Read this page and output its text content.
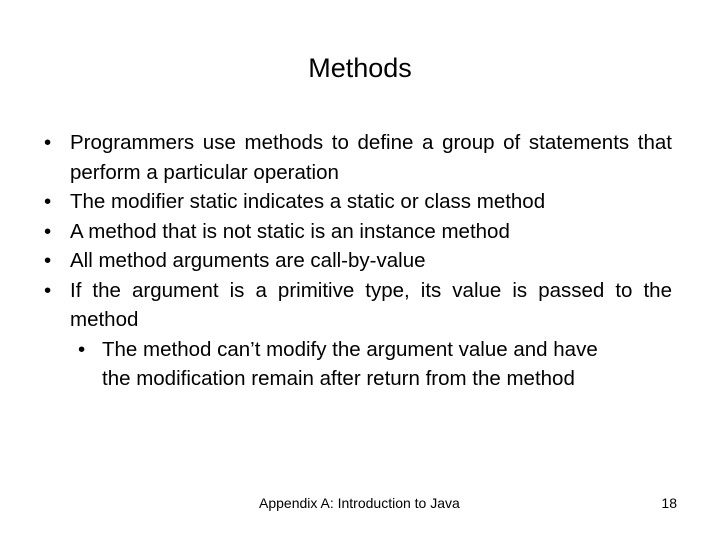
Methods
• Programmers use methods to define a group of statements that perform a particular operation
• The modifier static indicates a static or class method
• A method that is not static is an instance method
• All method arguments are call-by-value
• If the argument is a primitive type, its value is passed to the method
• The method can’t modify the argument value and have the modification remain after return from the method
Appendix A: Introduction to Java	18
